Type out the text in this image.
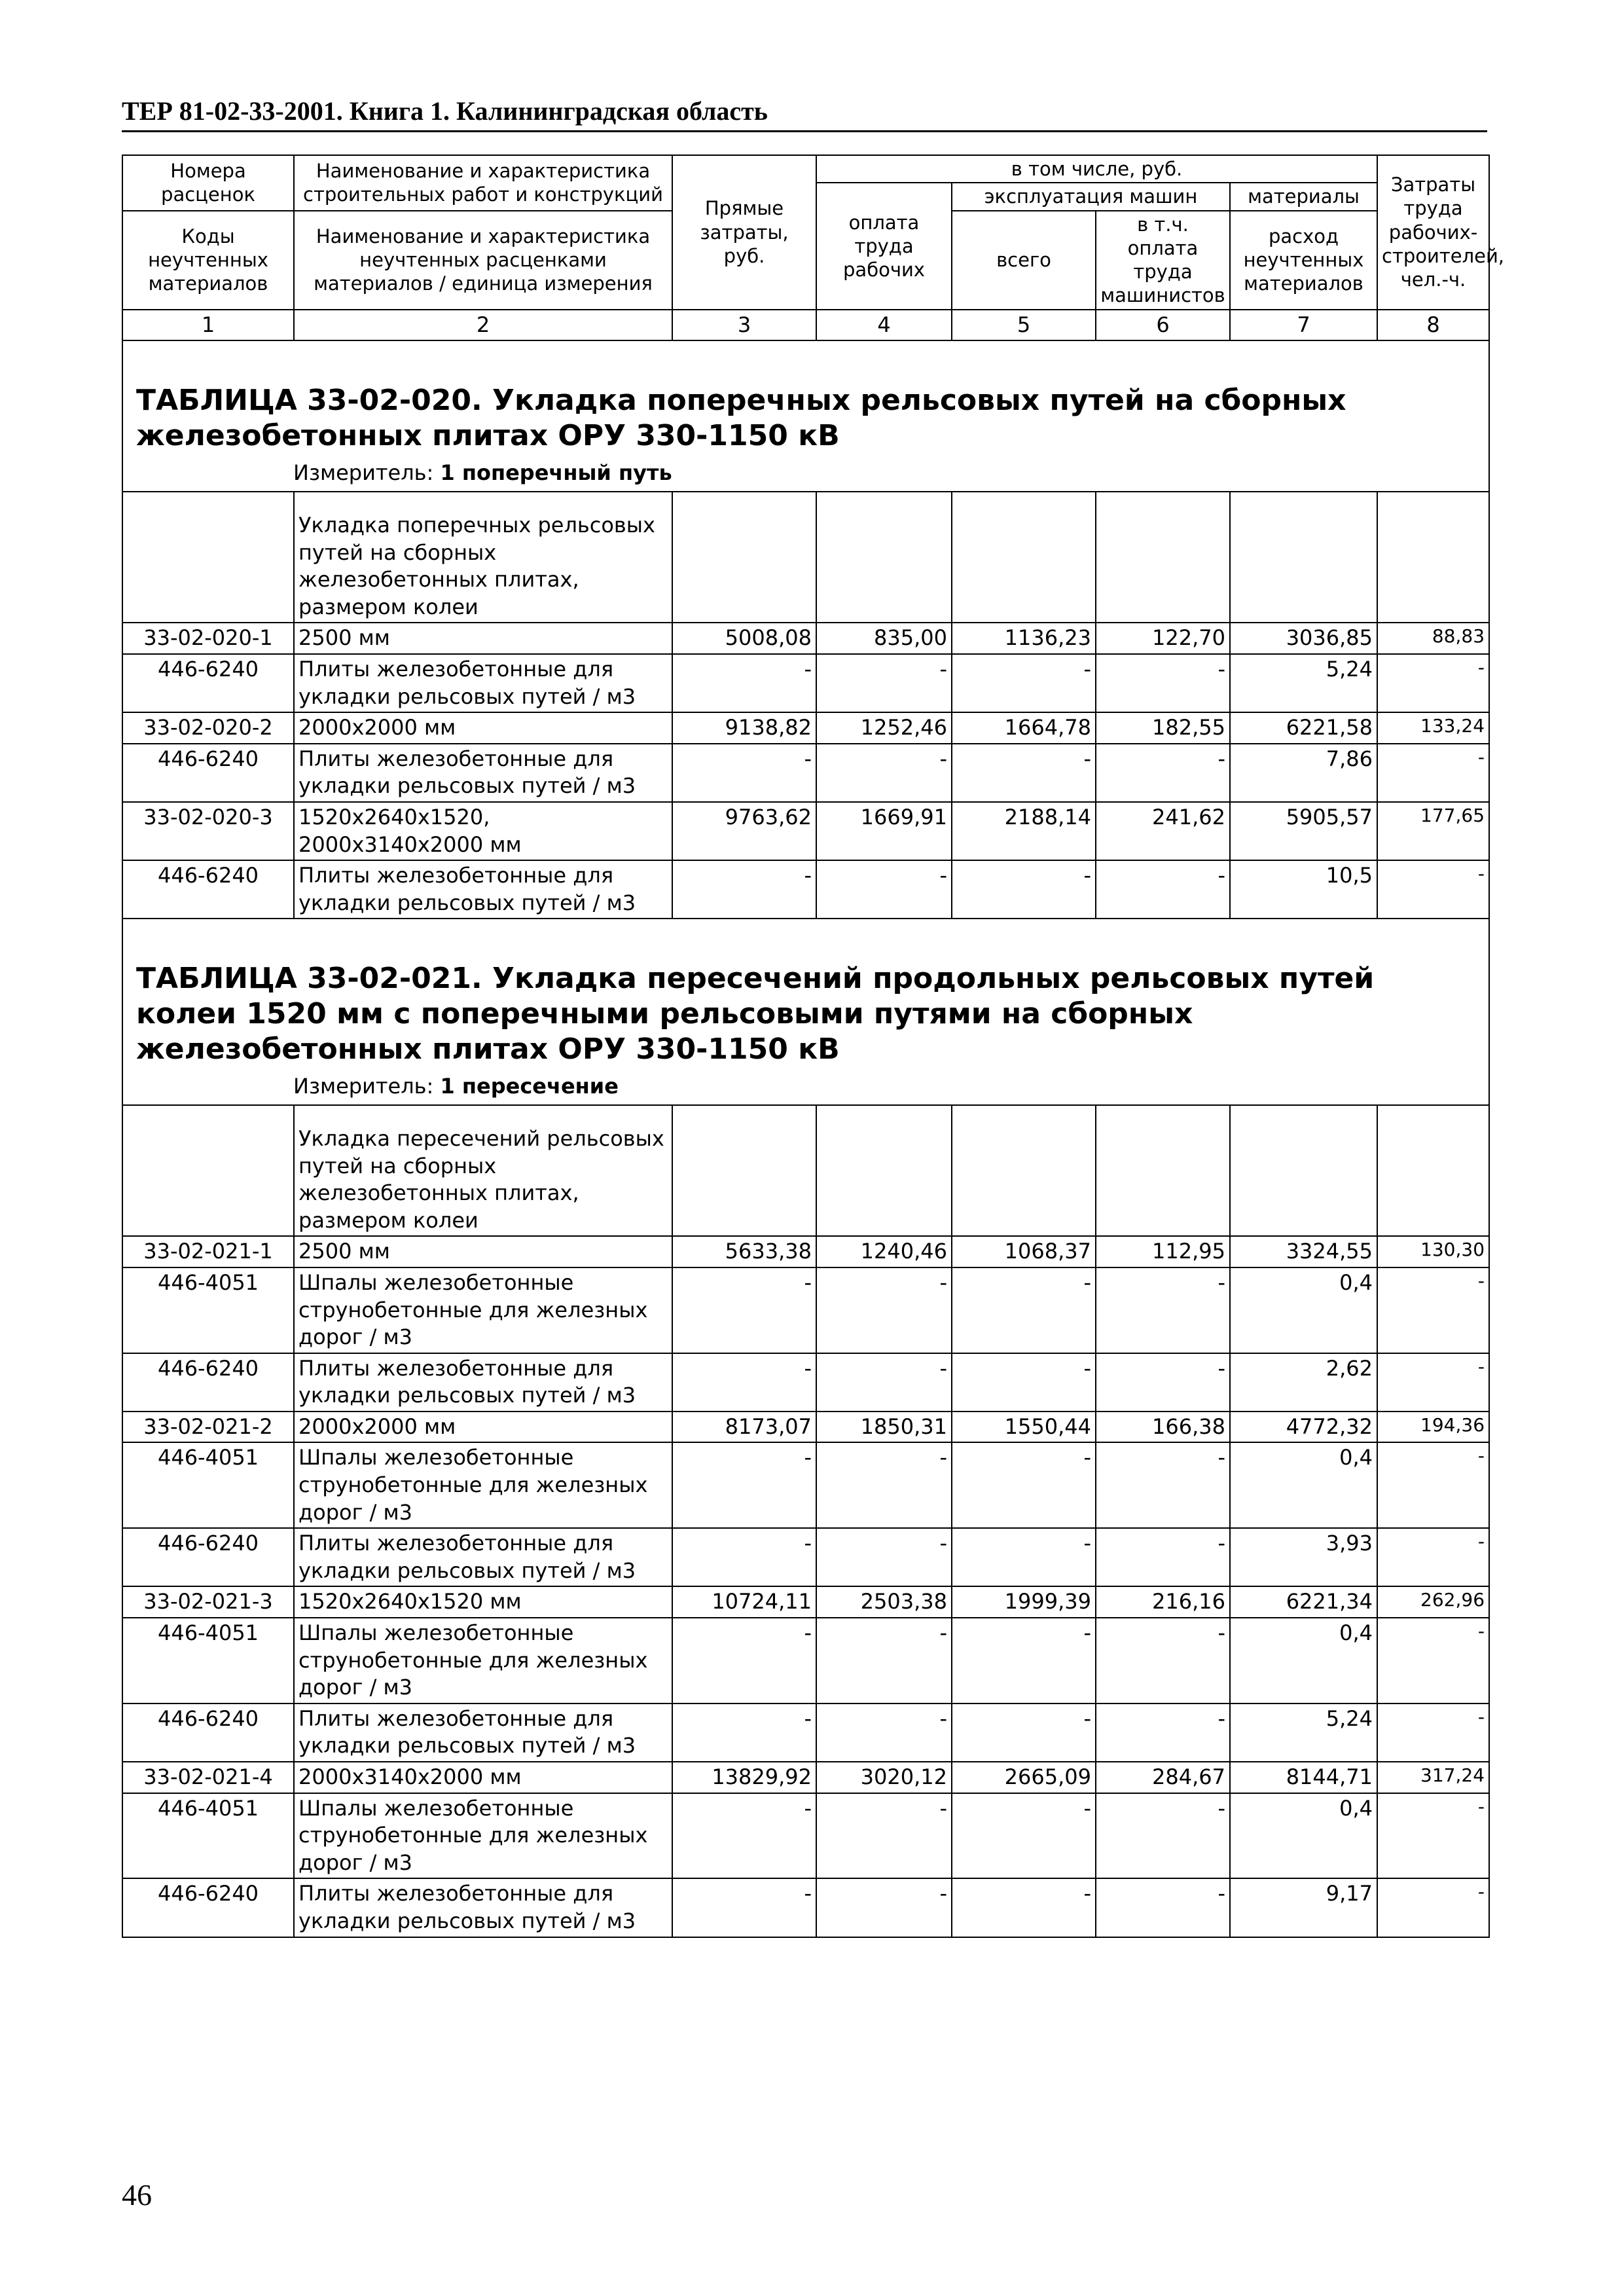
ТЕР 81-02-33-2001. Книга 1. Калининградская область
Номера расценок	Наименование и характеристика строительных работ и конструкций	Прямые затраты, руб.	в том числе, руб.				Затраты труда рабочих-строителей, чел.-ч.
			оплата труда рабочих	эксплуатация машин		материалы	
Коды неучтенных материалов	Наименование и характеристика неучтенных расценками материалов / единица измерения			всего	в т.ч. оплата труда машинистов	расход неучтенных материалов	

1	2	3	4	5	6	7	8

ТАБЛИЦА 33-02-020. Укладка поперечных рельсовых путей на сборных железобетонных плитах ОРУ 330-1150 кВ
Измеритель: 1 поперечный путь							

	Укладка поперечных рельсовых путей на сборных железобетонных плитах, размером колеи						
33-02-020-1	2500 мм	5008,08	835,00	1136,23	122,70	3036,85	88,83
446-6240	Плиты железобетонные для укладки рельсовых путей / м3	-	-	-	-	5,24	-
33-02-020-2	2000x2000 мм	9138,82	1252,46	1664,78	182,55	6221,58	133,24
446-6240	Плиты железобетонные для укладки рельсовых путей / м3	-	-	-	-	7,86	-
33-02-020-3	1520x2640x1520, 2000x3140x2000 мм	9763,62	1669,91	2188,14	241,62	5905,57	177,65
446-6240	Плиты железобетонные для укладки рельсовых путей / м3	-	-	-	-	10,5	-

ТАБЛИЦА 33-02-021. Укладка пересечений продольных рельсовых путей колеи 1520 мм с поперечными рельсовыми путями на сборных железобетонных плитах ОРУ 330-1150 кВ
Измеритель: 1 пересечение							

	Укладка пересечений рельсовых путей на сборных железобетонных плитах, размером колеи						
33-02-021-1	2500 мм	5633,38	1240,46	1068,37	112,95	3324,55	130,30
446-4051	Шпалы железобетонные струнобетонные для железных дорог / м3	-	-	-	-	0,4	-
446-6240	Плиты железобетонные для укладки рельсовых путей / м3	-	-	-	-	2,62	-
33-02-021-2	2000x2000 мм	8173,07	1850,31	1550,44	166,38	4772,32	194,36
446-4051	Шпалы железобетонные струнобетонные для железных дорог / м3	-	-	-	-	0,4	-
446-6240	Плиты железобетонные для укладки рельсовых путей / м3	-	-	-	-	3,93	-
33-02-021-3	1520x2640x1520 мм	10724,11	2503,38	1999,39	216,16	6221,34	262,96
446-4051	Шпалы железобетонные струнобетонные для железных дорог / м3	-	-	-	-	0,4	-
446-6240	Плиты железобетонные для укладки рельсовых путей / м3	-	-	-	-	5,24	-
33-02-021-4	2000x3140x2000 мм	13829,92	3020,12	2665,09	284,67	8144,71	317,24
446-4051	Шпалы железобетонные струнобетонные для железных дорог / м3	-	-	-	-	0,4	-
446-6240	Плиты железобетонные для укладки рельсовых путей / м3	-	-	-	-	9,17	-
46
